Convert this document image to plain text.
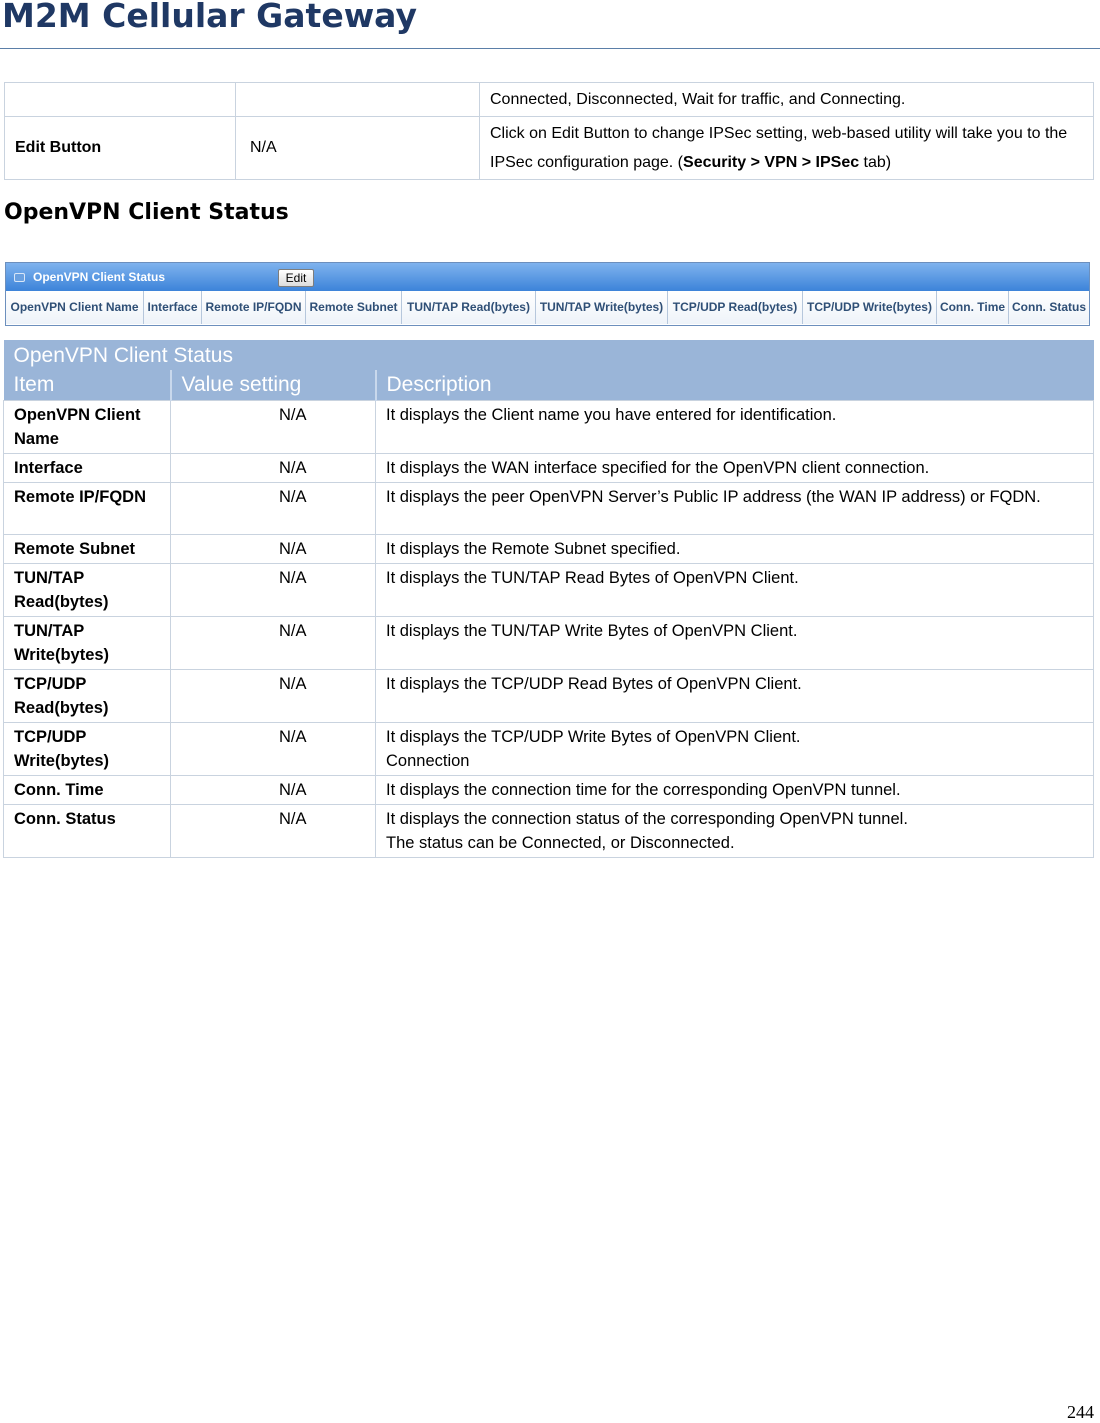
M2M Cellular Gateway
		Connected, Disconnected, Wait for traffic, and Connecting.
Edit Button	N/A	Click on Edit Button to change IPSec setting, web-based utility will take you to the IPSec configuration page. (Security > VPN > IPSec tab)
OpenVPN Client Status
OpenVPN Client Status	Edit
OpenVPN Client Name Interface Remote IP/FQDN Remote Subnet TUN/TAP Read(bytes) TUN/TAP Write(bytes) TCP/UDP Read(bytes) TCP/UDP Write(bytes) Conn. Time Conn. Status
OpenVPN Client Status		
Item	Value setting	Description
OpenVPN Client Name	N/A	It displays the Client name you have entered for identification.
Interface	N/A	It displays the WAN interface specified for the OpenVPN client connection.
Remote IP/FQDN	N/A	It displays the peer OpenVPN Server’s Public IP address (the WAN IP address) or FQDN.
Remote Subnet	N/A	It displays the Remote Subnet specified.
TUN/TAP Read(bytes)	N/A	It displays the TUN/TAP Read Bytes of OpenVPN Client.
TUN/TAP Write(bytes)	N/A	It displays the TUN/TAP Write Bytes of OpenVPN Client.
TCP/UDP Read(bytes)	N/A	It displays the TCP/UDP Read Bytes of OpenVPN Client.
TCP/UDP Write(bytes)	N/A	It displays the TCP/UDP Write Bytes of OpenVPN Client.
Connection

Conn. Time	N/A	It displays the connection time for the corresponding OpenVPN tunnel.
Conn. Status	N/A	It displays the connection status of the corresponding OpenVPN tunnel.
The status can be Connected, or Disconnected.
244
